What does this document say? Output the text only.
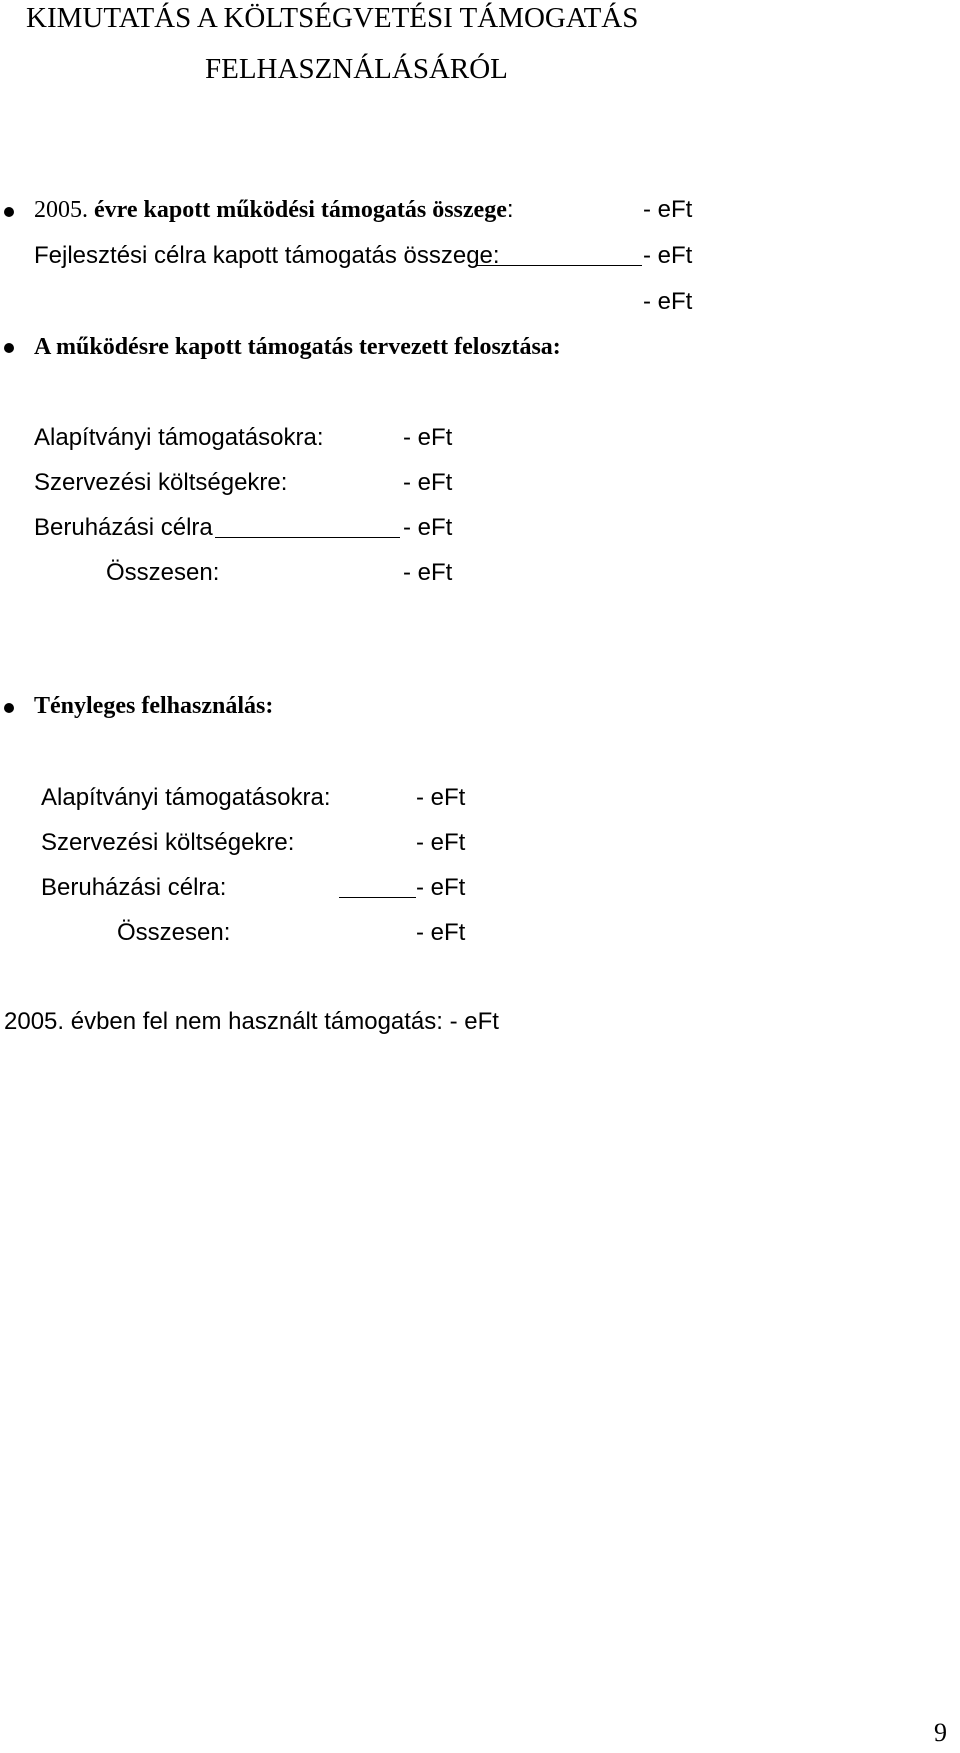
KIMUTATÁS A KÖLTSÉGVETÉSI TÁMOGATÁS
FELHASZNÁLÁSÁRÓL
2005. évre kapott működési támogatás összege:	- eFt
Fejlesztési célra kapott támogatás összege:	- eFt
- eFt
A működésre kapott támogatás tervezett felosztása:
Alapítványi támogatásokra:	- eFt
Szervezési költségekre:	- eFt
Beruházási célra	- eFt
Összesen:	- eFt
Tényleges felhasználás:
Alapítványi támogatásokra:	- eFt
Szervezési költségekre:	- eFt
Beruházási célra:	- eFt
Összesen:	- eFt
2005. évben fel nem használt támogatás: - eFt
9
